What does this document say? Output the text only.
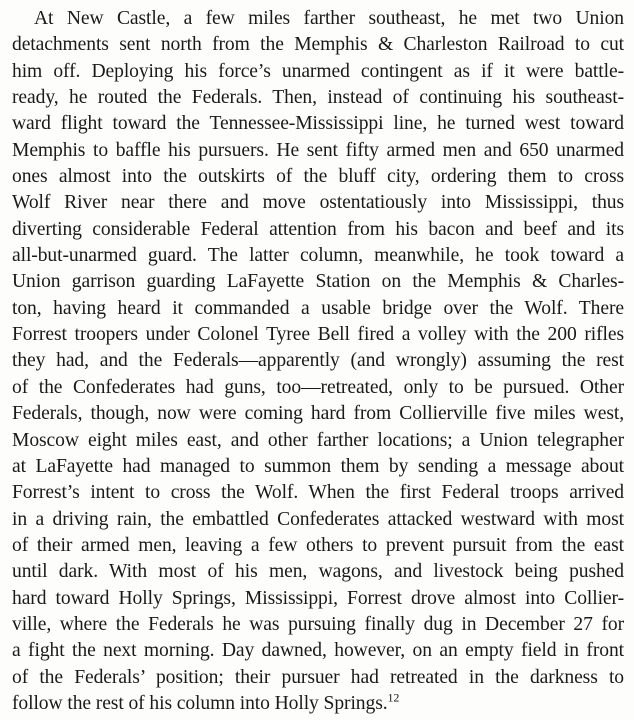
At New Castle, a few miles farther southeast, he met two Union
detachments sent north from the Memphis & Charleston Railroad to cut
him off. Deploying his force’s unarmed contingent as if it were battle-
ready, he routed the Federals. Then, instead of continuing his southeast-
ward flight toward the Tennessee-Mississippi line, he turned west toward
Memphis to baffle his pursuers. He sent fifty armed men and 650 unarmed
ones almost into the outskirts of the bluff city, ordering them to cross
Wolf River near there and move ostentatiously into Mississippi, thus
diverting considerable Federal attention from his bacon and beef and its
all-but-unarmed guard. The latter column, meanwhile, he took toward a
Union garrison guarding LaFayette Station on the Memphis & Charles-
ton, having heard it commanded a usable bridge over the Wolf. There
Forrest troopers under Colonel Tyree Bell fired a volley with the 200 rifles
they had, and the Federals—apparently (and wrongly) assuming the rest
of the Confederates had guns, too—retreated, only to be pursued. Other
Federals, though, now were coming hard from Collierville five miles west,
Moscow eight miles east, and other farther locations; a Union telegrapher
at LaFayette had managed to summon them by sending a message about
Forrest’s intent to cross the Wolf. When the first Federal troops arrived
in a driving rain, the embattled Confederates attacked westward with most
of their armed men, leaving a few others to prevent pursuit from the east
until dark. With most of his men, wagons, and livestock being pushed
hard toward Holly Springs, Mississippi, Forrest drove almost into Collier-
ville, where the Federals he was pursuing finally dug in December 27 for
a fight the next morning. Day dawned, however, on an empty field in front
of the Federals’ position; their pursuer had retreated in the darkness to
follow the rest of his column into Holly Springs.$^{12}$
